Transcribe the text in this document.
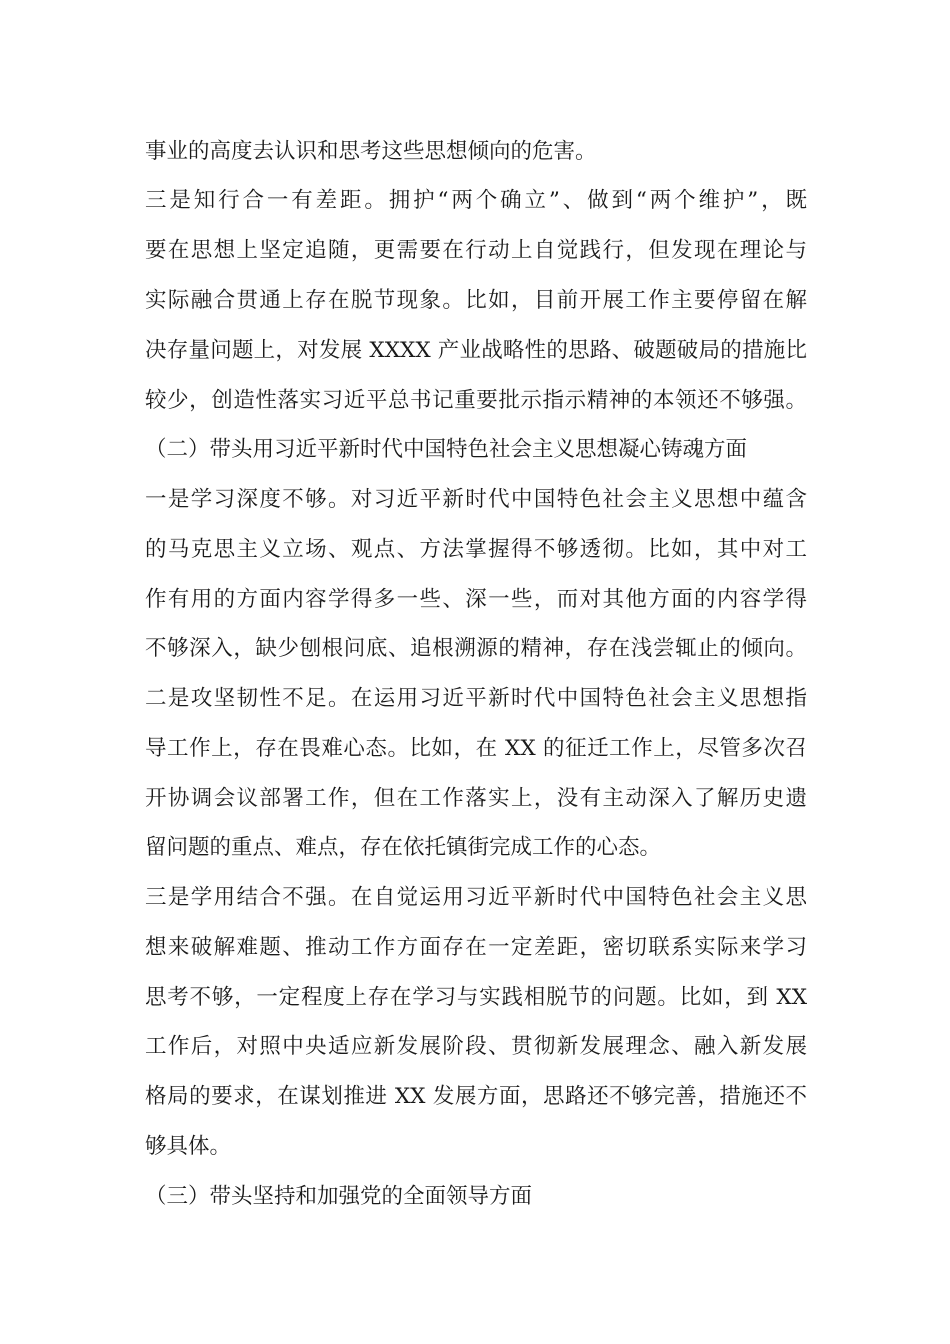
事业的高度去认识和思考这些思想倾向的危害。
三是知行合一有差距。拥护“两个确立”、做到“两个维护”，既
要在思想上坚定追随，更需要在行动上自觉践行，但发现在理论与
实际融合贯通上存在脱节现象。比如，目前开展工作主要停留在解
决存量问题上，对发展 XXXX 产业战略性的思路、破题破局的措施比
较少，创造性落实习近平总书记重要批示指示精神的本领还不够强。
（二）带头用习近平新时代中国特色社会主义思想凝心铸魂方面
一是学习深度不够。对习近平新时代中国特色社会主义思想中蕴含
的马克思主义立场、观点、方法掌握得不够透彻。比如，其中对工
作有用的方面内容学得多一些、深一些，而对其他方面的内容学得
不够深入，缺少刨根问底、追根溯源的精神，存在浅尝辄止的倾向。
二是攻坚韧性不足。在运用习近平新时代中国特色社会主义思想指
导工作上，存在畏难心态。比如，在 XX 的征迁工作上，尽管多次召
开协调会议部署工作，但在工作落实上，没有主动深入了解历史遗
留问题的重点、难点，存在依托镇街完成工作的心态。
三是学用结合不强。在自觉运用习近平新时代中国特色社会主义思
想来破解难题、推动工作方面存在一定差距，密切联系实际来学习
思考不够，一定程度上存在学习与实践相脱节的问题。比如，到 XX
工作后，对照中央适应新发展阶段、贯彻新发展理念、融入新发展
格局的要求，在谋划推进 XX 发展方面，思路还不够完善，措施还不
够具体。
（三）带头坚持和加强党的全面领导方面
